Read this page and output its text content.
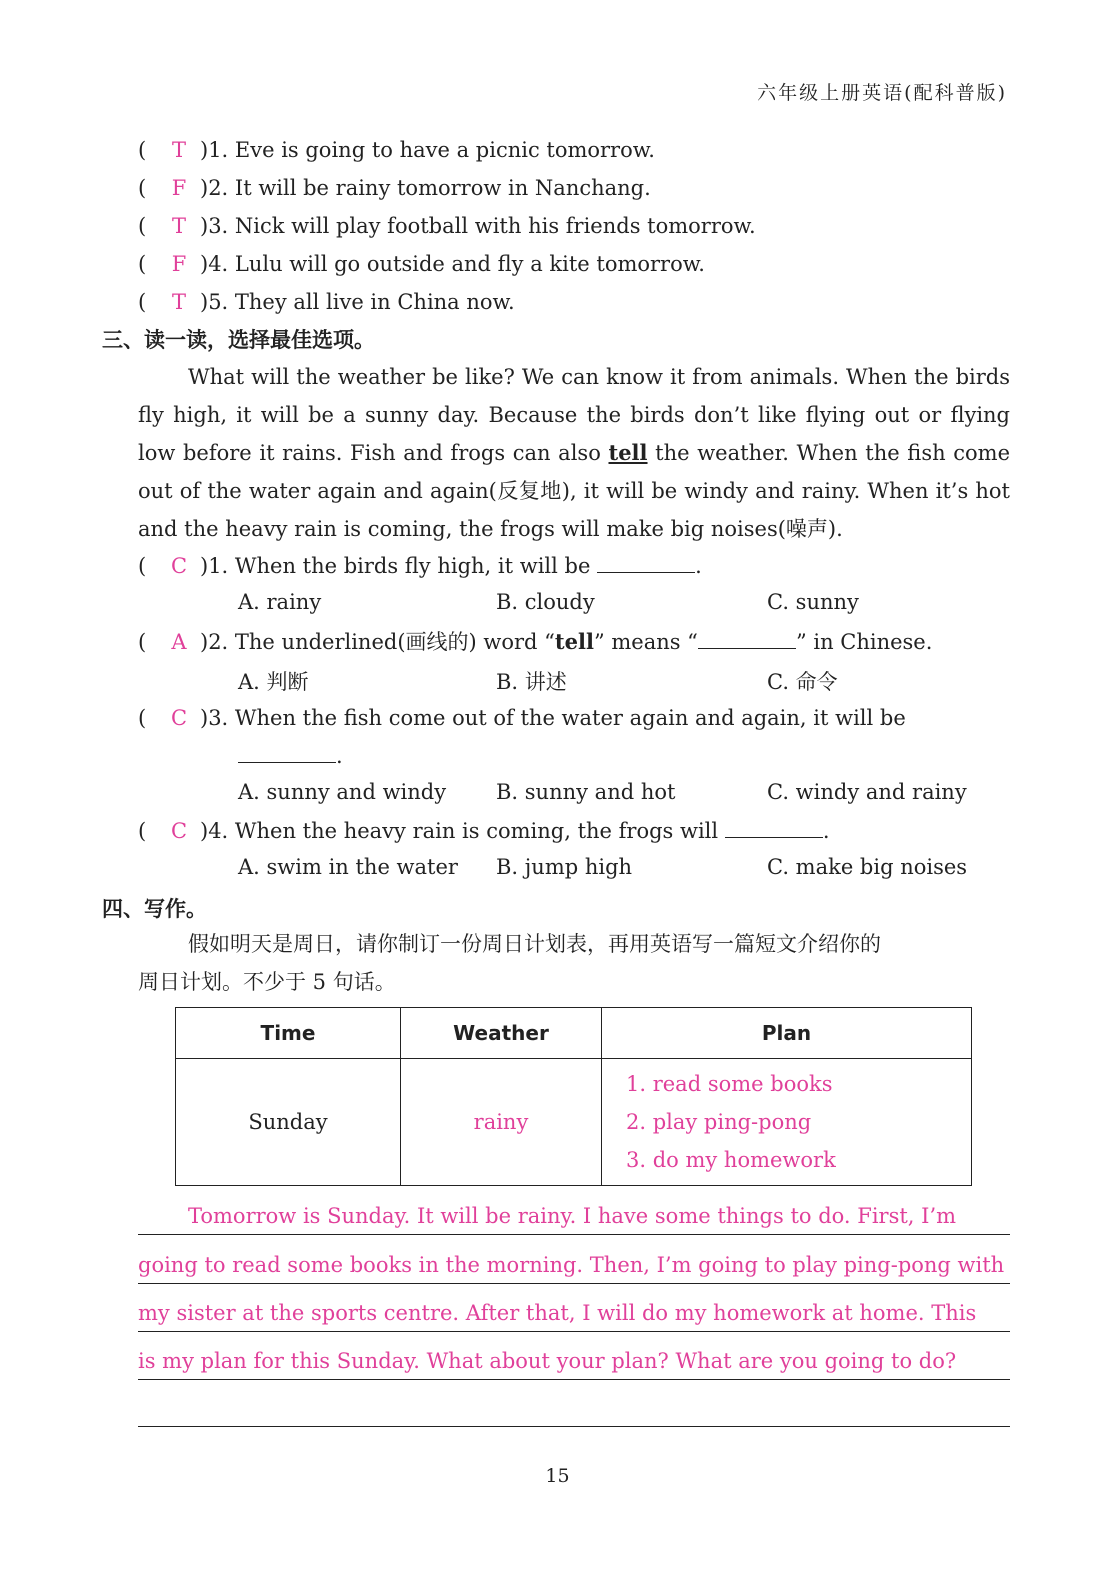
六年级上册英语(配科普版)
( T )1. Eve is going to have a picnic tomorrow.
( F )2. It will be rainy tomorrow in Nanchang.
( T )3. Nick will play football with his friends tomorrow.
( F )4. Lulu will go outside and fly a kite tomorrow.
( T )5. They all live in China now.
三、读一读，选择最佳选项。
What will the weather be like? We can know it from animals. When the birds fly high, it will be a sunny day. Because the birds don’t like flying out or flying low before it rains. Fish and frogs can also tell the weather. When the fish come out of the water again and again(反复地), it will be windy and rainy. When it’s hot and the heavy rain is coming, the frogs will make big noises(噪声).
( C )1. When the birds fly high, it will be	.
A. rainy	B. cloudy	C. sunny
( A )2. The underlined(画线的) word “tell” means “	” in Chinese.
A. 判断	B. 讲述	C. 命令
( C )3. When the fish come out of the water again and again, it will be
.
A. sunny and windy B. sunny and hot	C. windy and rainy
( C )4. When the heavy rain is coming, the frogs will	.
A. swim in the water B. jump high	C. make big noises
四、写作。
假如明天是周日，请你制订一份周日计划表，再用英语写一篇短文介绍你的
周日计划。不少于 5 句话。
Time	Weather	Plan
Sunday	rainy	1. read some books
2. play ping-pong
3. do my homework
Tomorrow is Sunday. It will be rainy. I have some things to do. First, I’m
going to read some books in the morning. Then, I’m going to play ping-pong with
my sister at the sports centre. After that, I will do my homework at home. This
is my plan for this Sunday. What about your plan? What are you going to do?
15
